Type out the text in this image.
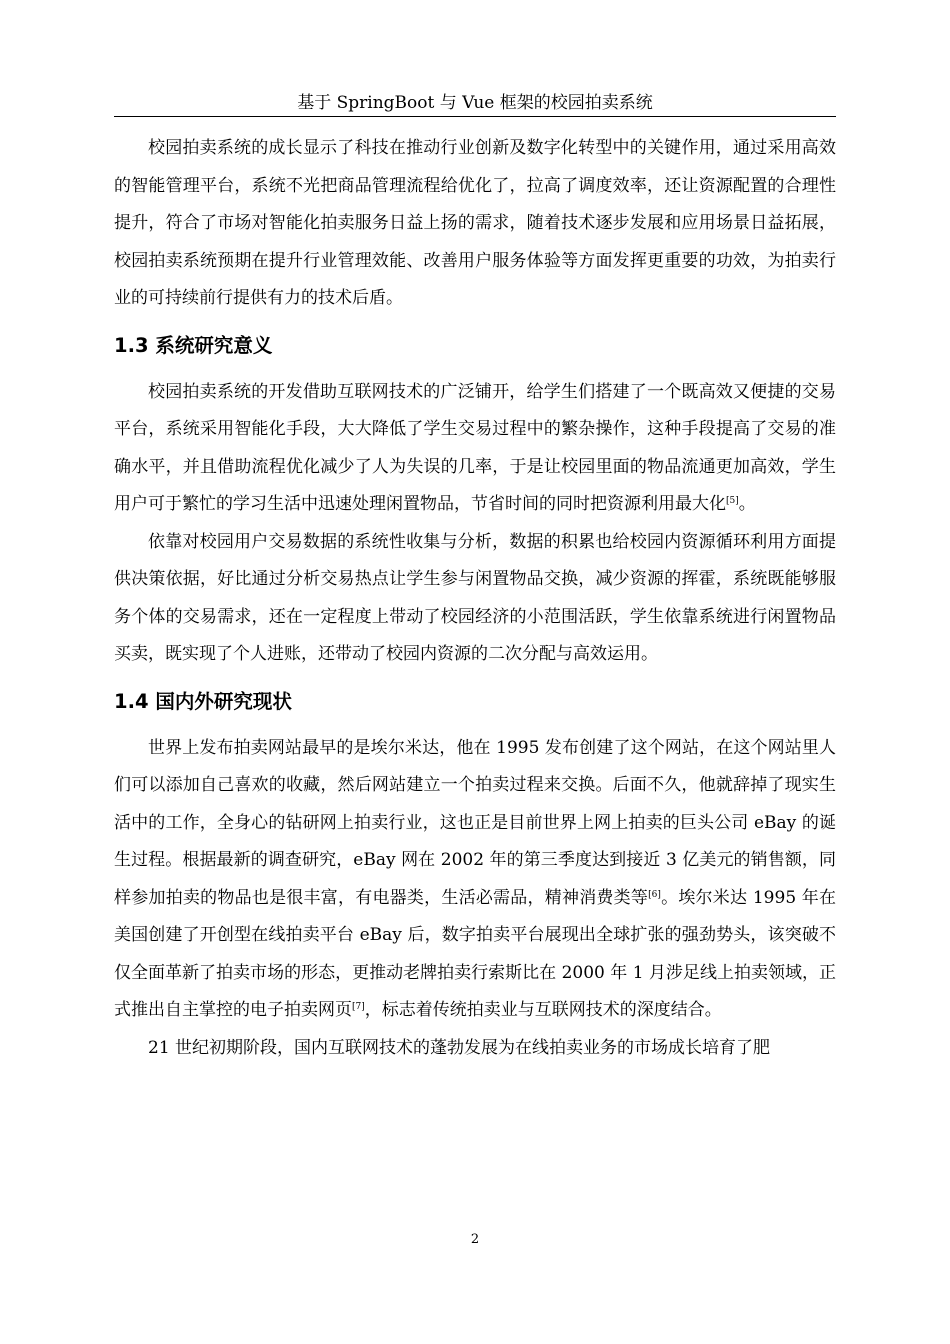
基于 SpringBoot 与 Vue 框架的校园拍卖系统

校园拍卖系统的成长显示了科技在推动行业创新及数字化转型中的关键作用，通过采用高效的智能管理平台，系统不光把商品管理流程给优化了，拉高了调度效率，还让资源配置的合理性提升，符合了市场对智能化拍卖服务日益上扬的需求，随着技术逐步发展和应用场景日益拓展，校园拍卖系统预期在提升行业管理效能、改善用户服务体验等方面发挥更重要的功效，为拍卖行业的可持续前行提供有力的技术后盾。

1.3 系统研究意义

校园拍卖系统的开发借助互联网技术的广泛铺开，给学生们搭建了一个既高效又便捷的交易平台，系统采用智能化手段，大大降低了学生交易过程中的繁杂操作，这种手段提高了交易的准确水平，并且借助流程优化减少了人为失误的几率，于是让校园里面的物品流通更加高效，学生用户可于繁忙的学习生活中迅速处理闲置物品，节省时间的同时把资源利用最大化[5]。

依靠对校园用户交易数据的系统性收集与分析，数据的积累也给校园内资源循环利用方面提供决策依据，好比通过分析交易热点让学生参与闲置物品交换，减少资源的挥霍，系统既能够服务个体的交易需求，还在一定程度上带动了校园经济的小范围活跃，学生依靠系统进行闲置物品买卖，既实现了个人进账，还带动了校园内资源的二次分配与高效运用。

1.4 国内外研究现状

世界上发布拍卖网站最早的是埃尔米达，他在 1995 发布创建了这个网站，在这个网站里人们可以添加自己喜欢的收藏，然后网站建立一个拍卖过程来交换。后面不久，他就辞掉了现实生活中的工作，全身心的钻研网上拍卖行业，这也正是目前世界上网上拍卖的巨头公司 eBay 的诞生过程。根据最新的调查研究，eBay 网在 2002 年的第三季度达到接近 3 亿美元的销售额，同样参加拍卖的物品也是很丰富，有电器类，生活必需品，精神消费类等[6]。埃尔米达 1995 年在美国创建了开创型在线拍卖平台 eBay 后，数字拍卖平台展现出全球扩张的强劲势头，该突破不仅全面革新了拍卖市场的形态，更推动老牌拍卖行索斯比在 2000 年 1 月涉足线上拍卖领域，正式推出自主掌控的电子拍卖网页[7]，标志着传统拍卖业与互联网技术的深度结合。

21 世纪初期阶段，国内互联网技术的蓬勃发展为在线拍卖业务的市场成长培育了肥

2
